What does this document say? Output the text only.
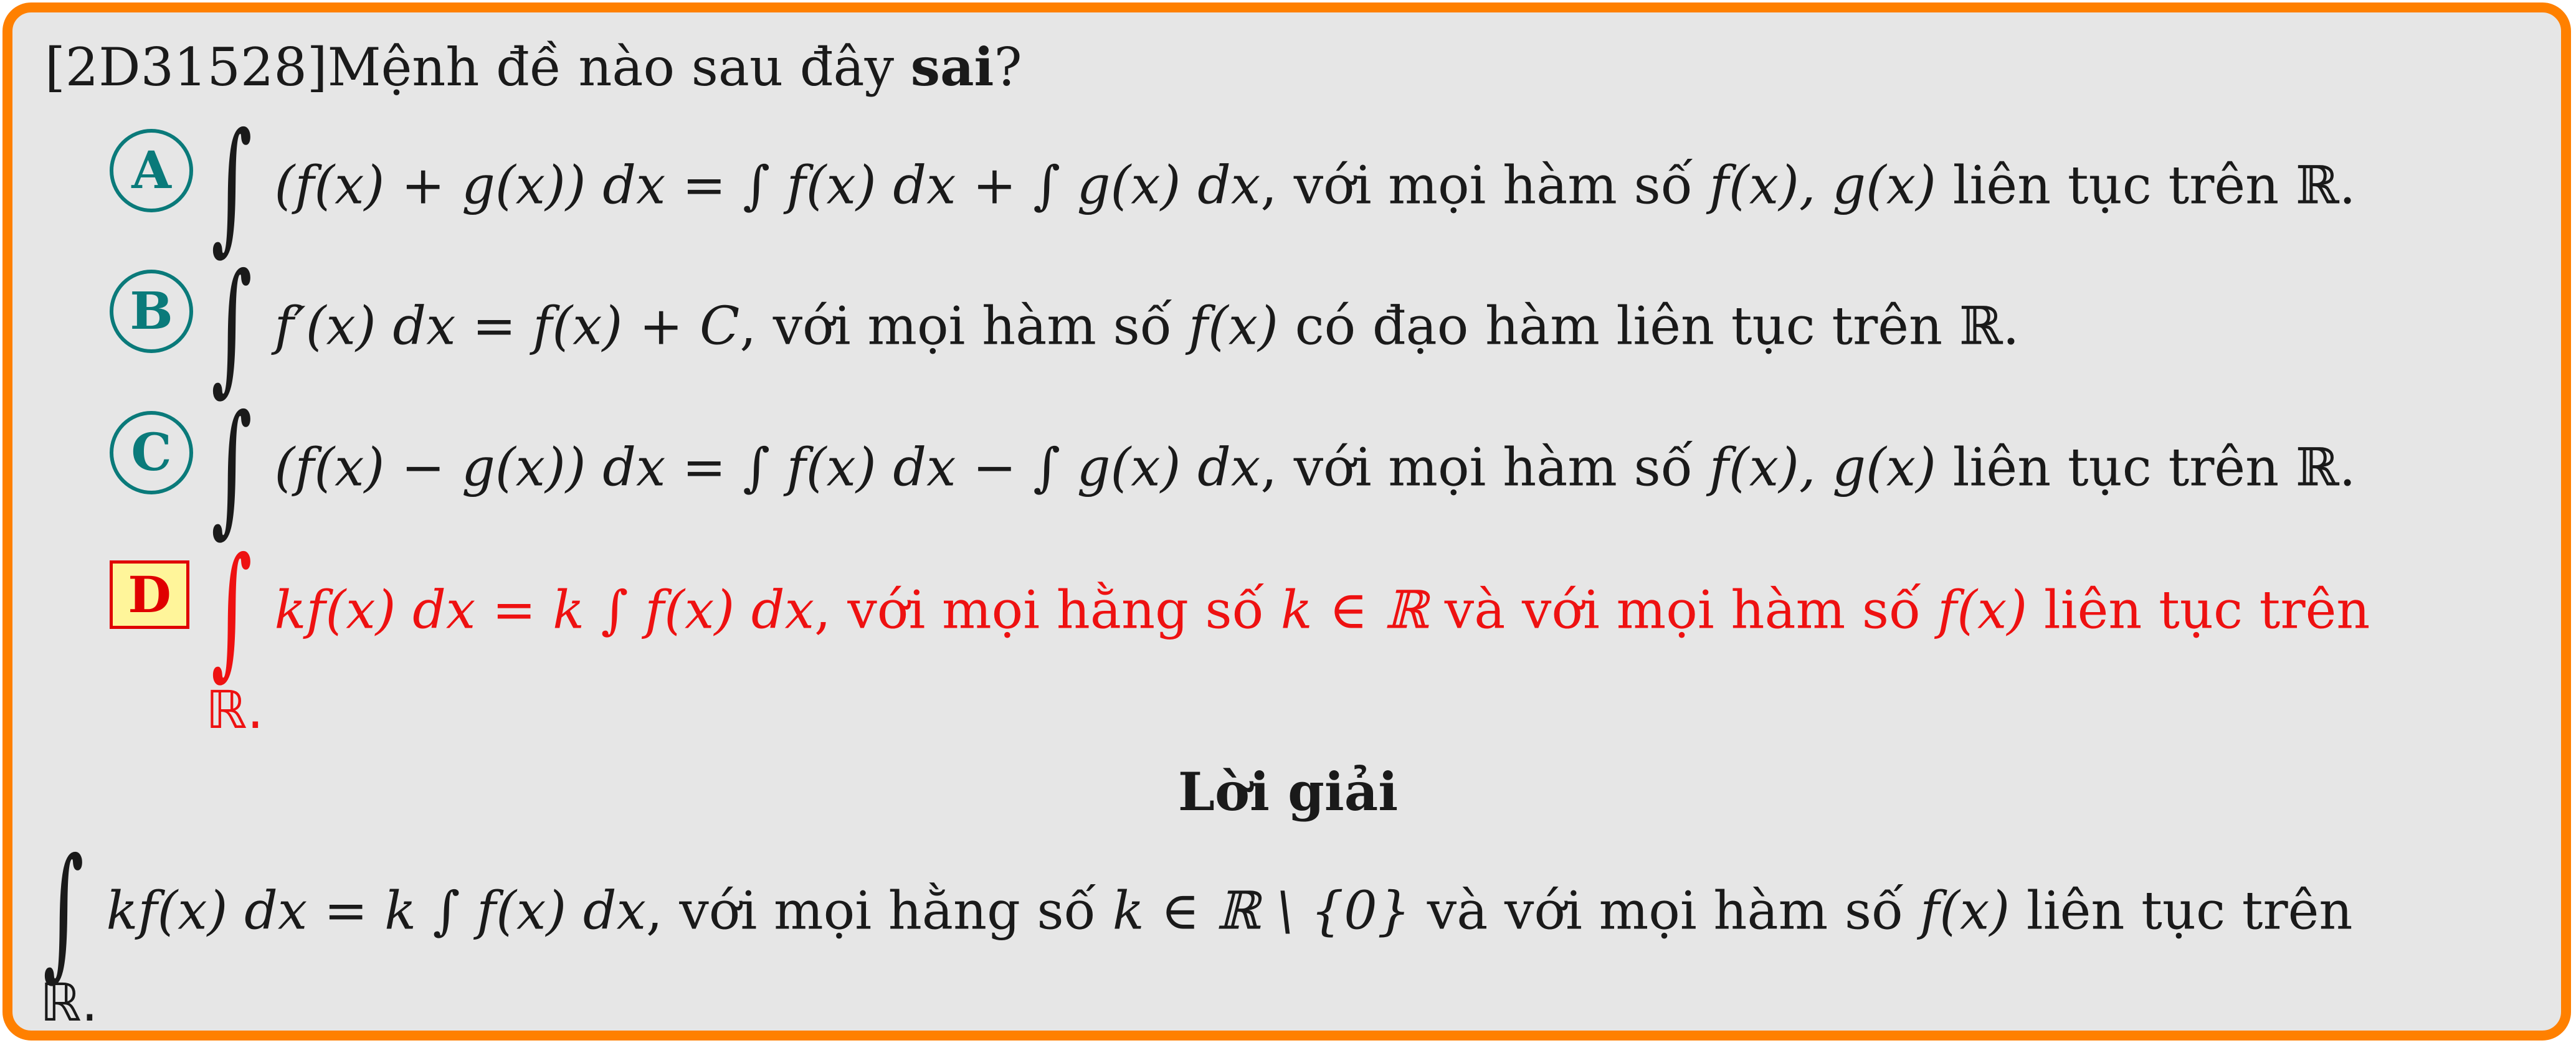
[2D31528]Mệnh đề nào sau đây sai?
A ∫ (f(x) + g(x)) dx = ∫ f(x) dx + ∫ g(x) dx, với mọi hàm số f(x), g(x) liên tục trên ℝ.
B ∫ f′(x) dx = f(x) + C, với mọi hàm số f(x) có đạo hàm liên tục trên ℝ.
C ∫ (f(x) − g(x)) dx = ∫ f(x) dx − ∫ g(x) dx, với mọi hàm số f(x), g(x) liên tục trên ℝ.
D ∫ kf(x) dx = k ∫ f(x) dx, với mọi hằng số k ∈ ℝ và với mọi hàm số f(x) liên tục trên
ℝ.
Lời giải
∫ kf(x) dx = k ∫ f(x) dx, với mọi hằng số k ∈ ℝ \ {0} và với mọi hàm số f(x) liên tục trên
ℝ.
